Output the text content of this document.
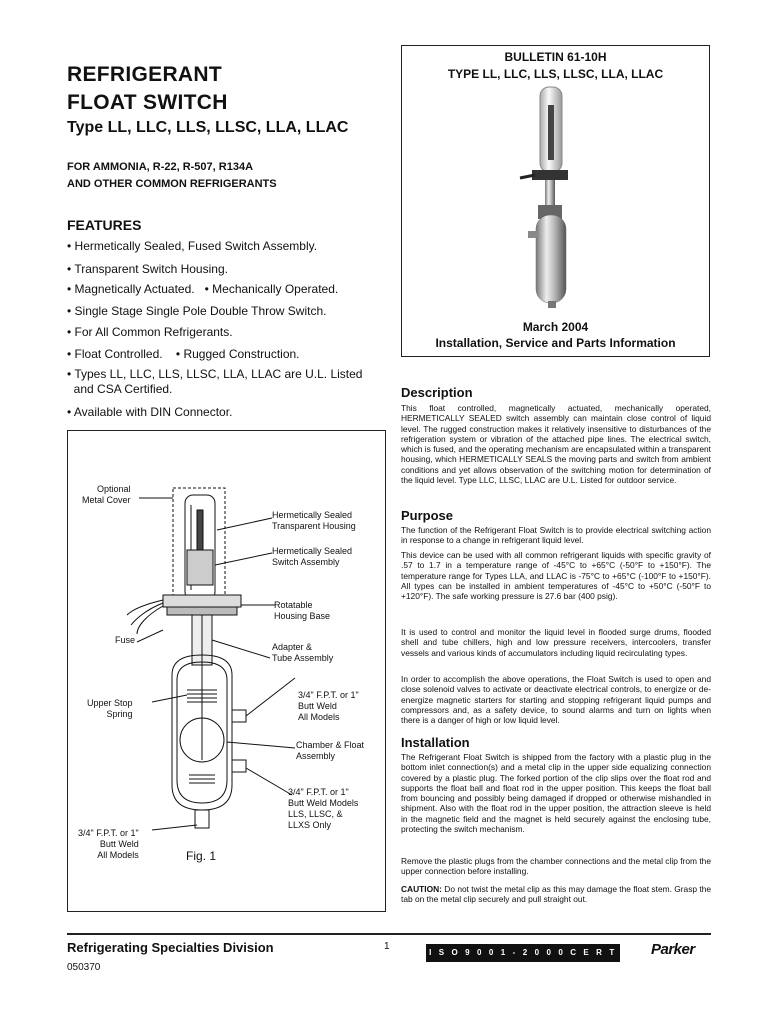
REFRIGERANT
FLOAT SWITCH
Type LL, LLC, LLS, LLSC, LLA, LLAC
FOR AMMONIA, R-22, R-507, R134A
AND OTHER COMMON REFRIGERANTS
FEATURES
• Hermetically Sealed, Fused Switch Assembly.
• Transparent Switch Housing.
• Magnetically Actuated.   • Mechanically Operated.
• Single Stage Single Pole Double Throw Switch.
• For All Common Refrigerants.
• Float Controlled.    • Rugged Construction.
• Types LL, LLC, LLS, LLSC, LLA, LLAC are U.L. Listed
and CSA Certified.
• Available with DIN Connector.
BULLETIN 61-10H
TYPE LL, LLC, LLS, LLSC, LLA, LLAC
March 2004
Installation, Service and Parts Information
Optional
Metal Cover
Hermetically Sealed
Transparent Housing
Hermetically Sealed
Switch Assembly
Rotatable
Housing Base
Fuse
Adapter &
Tube Assembly
Upper Stop
Spring
3/4" F.P.T. or 1"
Butt Weld
All Models
Chamber & Float
Assembly
3/4" F.P.T. or 1"
Butt Weld Models
LLS, LLSC, &
LLXS Only
3/4" F.P.T. or 1"
Butt Weld
All Models	Fig. 1
Description
This float controlled, magnetically actuated, mechanically operated, HERMETICALLY SEALED switch assembly can maintain close control of liquid level. The rugged construction makes it relatively insensitive to disturbances of the refrigeration system or vibration of the attached pipe lines. The electrical switch, which is fused, and the operating mechanism are encapsulated within a transparent housing, which HERMETICALLY SEALS the moving parts and switch from ambient conditions and yet allows observation of the switching motion for determination of the liquid level. Type LLC, LLSC, LLAC are U.L. Listed for outdoor service.
Purpose
The function of the Refrigerant Float Switch is to provide electrical switching action in response to a change in refrigerant liquid level.
This device can be used with all common refrigerant liquids with specific gravity of .57 to 1.7 in a temperature range of -45°C to +65°C (-50°F to +150°F). The temperature range for Types LLA, and LLAC is -75°C to +65°C (-100°F to +150°F). All types can be installed in ambient temperatures of -45°C to +50°C (-50°F to +120°F). The safe working pressure is 27.6 bar (400 psig).
It is used to control and monitor the liquid level in flooded surge drums, flooded shell and tube chillers, high and low pressure receivers, intercoolers, transfer vessels and various kinds of accumulators including liquid recirculating types.
In order to accomplish the above operations, the Float Switch is used to open and close solenoid valves to activate or deactivate electrical controls, to energize or de-energize magnetic starters for starting and stopping refrigerant liquid pumps and compressors and, as a safety device, to sound alarms and turn on lights when there is a danger of high or low liquid level.
Installation
The Refrigerant Float Switch is shipped from the factory with a plastic plug in the bottom inlet connection(s) and a metal clip in the upper side equalizing connection covered by a plastic plug. The forked portion of the clip slips over the float rod and supports the float ball and float rod in the upper position. This keeps the float ball from bouncing and possibly being damaged if dropped or otherwise mishandled in shipment. Also with the float rod in the upper position, the attraction sleeve is held in the magnetic field and the magnet is held securely against the enclosing tube, protecting the switch mechanism.
Remove the plastic plugs from the chamber connections and the metal clip from the upper connection before installing.
CAUTION: Do not twist the metal clip as this may damage the float stem. Grasp the tab on the metal clip securely and pull straight out.
Refrigerating Specialties Division
050370
1
I S O 9 0 0 1 - 2 0 0 0 C E R T I F I E D
Parker
